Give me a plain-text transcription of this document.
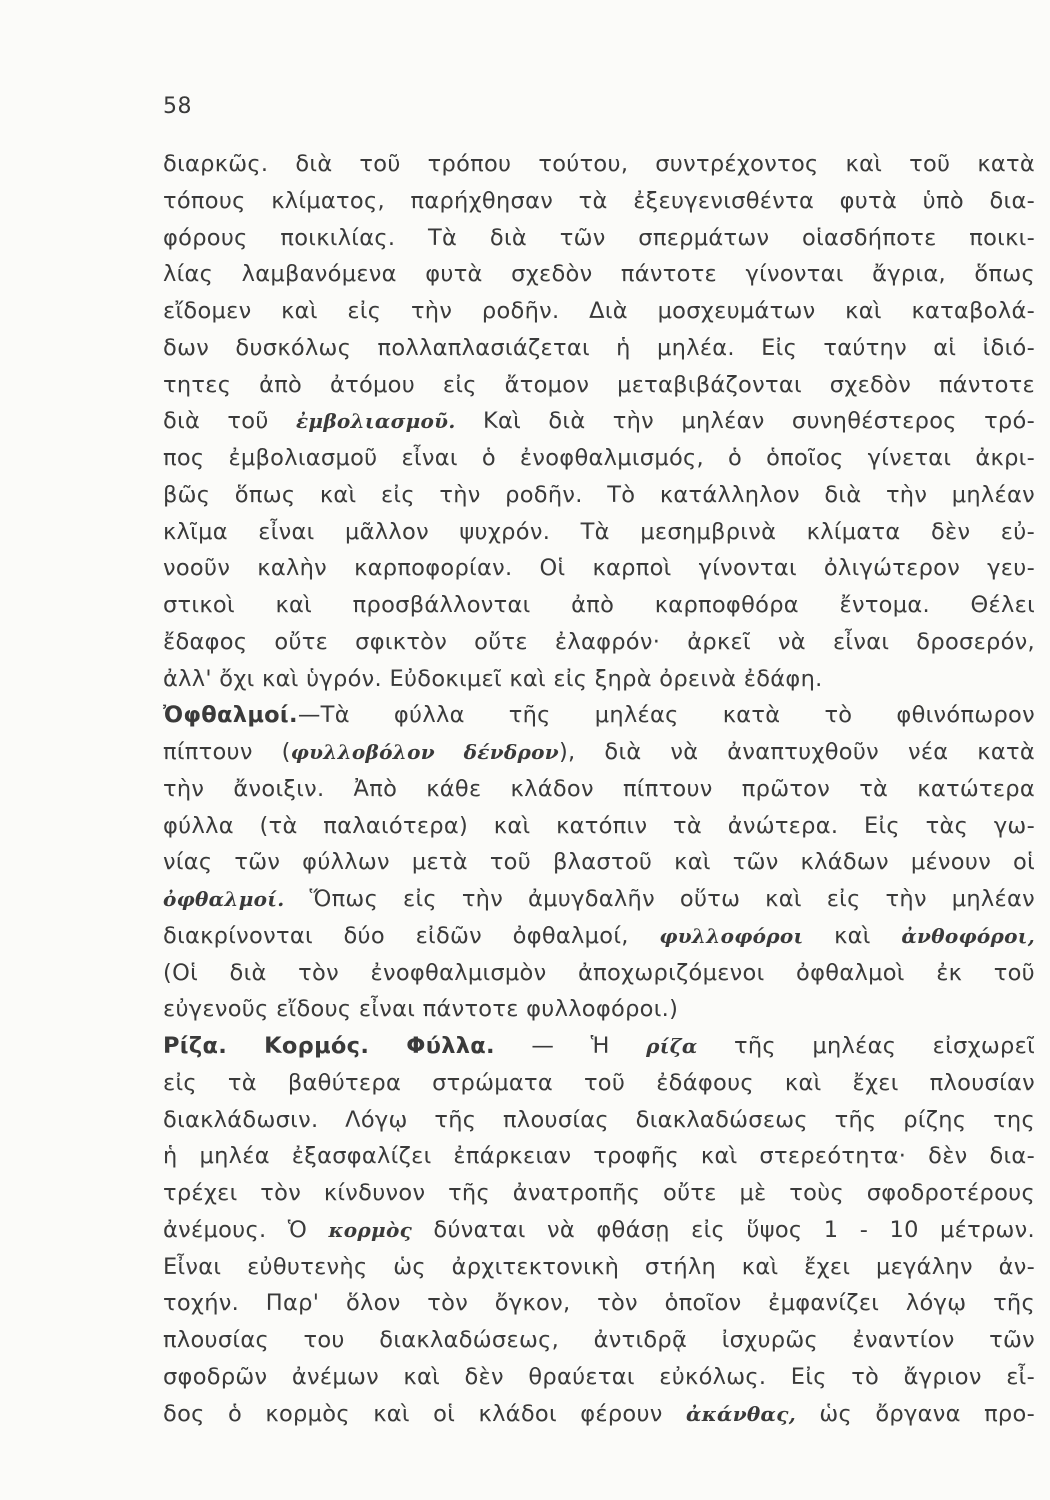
58
διαρκῶς. διὰ τοῦ τρόπου τούτου, συντρέχοντος καὶ τοῦ κατὰ
τόπους κλίματος, παρήχθησαν τὰ ἐξευγενισθέντα φυτὰ ὑπὸ δια-
φόρους ποικιλίας. Τὰ διὰ τῶν σπερμάτων οἱασδήποτε ποικι-
λίας λαμβανόμενα φυτὰ σχεδὸν πάντοτε γίνονται ἄγρια, ὅπως
εἴδομεν καὶ εἰς τὴν ροδῆν. Διὰ μοσχευμάτων καὶ καταβολά-
δων δυσκόλως πολλαπλασιάζεται ἡ μηλέα. Εἰς ταύτην αἱ ἰδιό-
τητες ἀπὸ ἀτόμου εἰς ἄτομον μεταβιβάζονται σχεδὸν πάντοτε
διὰ τοῦ ἐμβολιασμοῦ. Καὶ διὰ τὴν μηλέαν συνηθέστερος τρό-
πος ἐμβολιασμοῦ εἶναι ὁ ἐνοφθαλμισμός, ὁ ὁποῖος γίνεται ἀκρι-
βῶς ὅπως καὶ εἰς τὴν ροδῆν. Τὸ κατάλληλον διὰ τὴν μηλέαν
κλῖμα εἶναι μᾶλλον ψυχρόν. Τὰ μεσημβρινὰ κλίματα δὲν εὐ-
νοοῦν καλὴν καρποφορίαν. Οἱ καρποὶ γίνονται ὀλιγώτερον γευ-
στικοὶ καὶ προσβάλλονται ἀπὸ καρποφθόρα ἔντομα. Θέλει
ἔδαφος οὔτε σφικτὸν οὔτε ἐλαφρόν· ἀρκεῖ νὰ εἶναι δροσερόν,
ἀλλ' ὄχι καὶ ὑγρόν. Εὐδοκιμεῖ καὶ εἰς ξηρὰ ὀρεινὰ ἐδάφη.
Ὀφθαλμοί.—Τὰ φύλλα τῆς μηλέας κατὰ τὸ φθινόπωρον
πίπτουν (φυλλοβόλον δένδρον), διὰ νὰ ἀναπτυχθοῦν νέα κατὰ
τὴν ἄνοιξιν. Ἀπὸ κάθε κλάδον πίπτουν πρῶτον τὰ κατώτερα
φύλλα (τὰ παλαιότερα) καὶ κατόπιν τὰ ἀνώτερα. Εἰς τὰς γω-
νίας τῶν φύλλων μετὰ τοῦ βλαστοῦ καὶ τῶν κλάδων μένουν οἱ
ὀφθαλμοί. Ὅπως εἰς τὴν ἀμυγδαλῆν οὕτω καὶ εἰς τὴν μηλέαν
διακρίνονται δύο εἰδῶν ὀφθαλμοί, φυλλοφόροι καὶ ἀνθοφόροι,
(Οἱ διὰ τὸν ἐνοφθαλμισμὸν ἀποχωριζόμενοι ὀφθαλμοὶ ἐκ τοῦ
εὐγενοῦς εἴδους εἶναι πάντοτε φυλλοφόροι.)
Ρίζα. Κορμός. Φύλλα. — Ἡ ρίζα τῆς μηλέας εἰσχωρεῖ
εἰς τὰ βαθύτερα στρώματα τοῦ ἐδάφους καὶ ἔχει πλουσίαν
διακλάδωσιν. Λόγῳ τῆς πλουσίας διακλαδώσεως τῆς ρίζης της
ἡ μηλέα ἐξασφαλίζει ἐπάρκειαν τροφῆς καὶ στερεότητα· δὲν δια-
τρέχει τὸν κίνδυνον τῆς ἀνατροπῆς οὔτε μὲ τοὺς σφοδροτέρους
ἀνέμους. Ὁ κορμὸς δύναται νὰ φθάσῃ εἰς ὕψος 1 - 10 μέτρων.
Εἶναι εὐθυτενὴς ὡς ἀρχιτεκτονικὴ στήλη καὶ ἔχει μεγάλην ἀν-
τοχήν. Παρ' ὅλον τὸν ὄγκον, τὸν ὁποῖον ἐμφανίζει λόγῳ τῆς
πλουσίας του διακλαδώσεως, ἀντιδρᾷ ἰσχυρῶς ἐναντίον τῶν
σφοδρῶν ἀνέμων καὶ δὲν θραύεται εὐκόλως. Εἰς τὸ ἄγριον εἶ-
δος ὁ κορμὸς καὶ οἱ κλάδοι φέρουν ἀκάνθας, ὡς ὄργανα προ-
